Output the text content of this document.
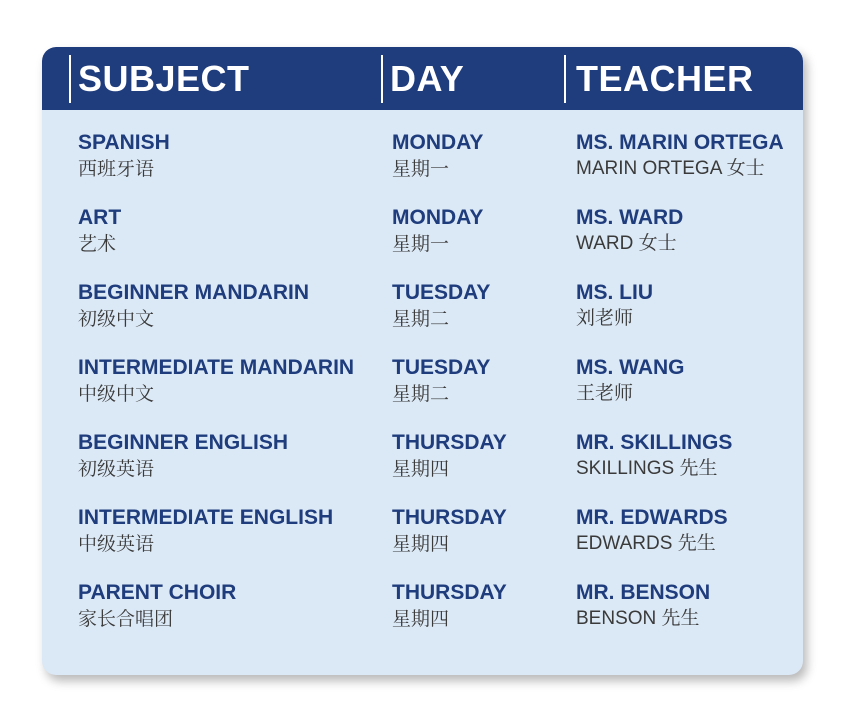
SUBJECT	DAY	TEACHER
SPANISH
西班牙语
MONDAY
星期一
MS. MARIN ORTEGA
MARIN ORTEGA 女士
ART
艺术
MONDAY
星期一
MS. WARD
WARD 女士
BEGINNER MANDARIN
初级中文
TUESDAY
星期二
MS. LIU
刘老师
INTERMEDIATE MANDARIN
中级中文
TUESDAY
星期二
MS. WANG
王老师
BEGINNER ENGLISH
初级英语
THURSDAY
星期四
MR. SKILLINGS
SKILLINGS 先生
INTERMEDIATE ENGLISH
中级英语
THURSDAY
星期四
MR. EDWARDS
EDWARDS 先生
PARENT CHOIR
家长合唱团
THURSDAY
星期四
MR. BENSON
BENSON 先生
